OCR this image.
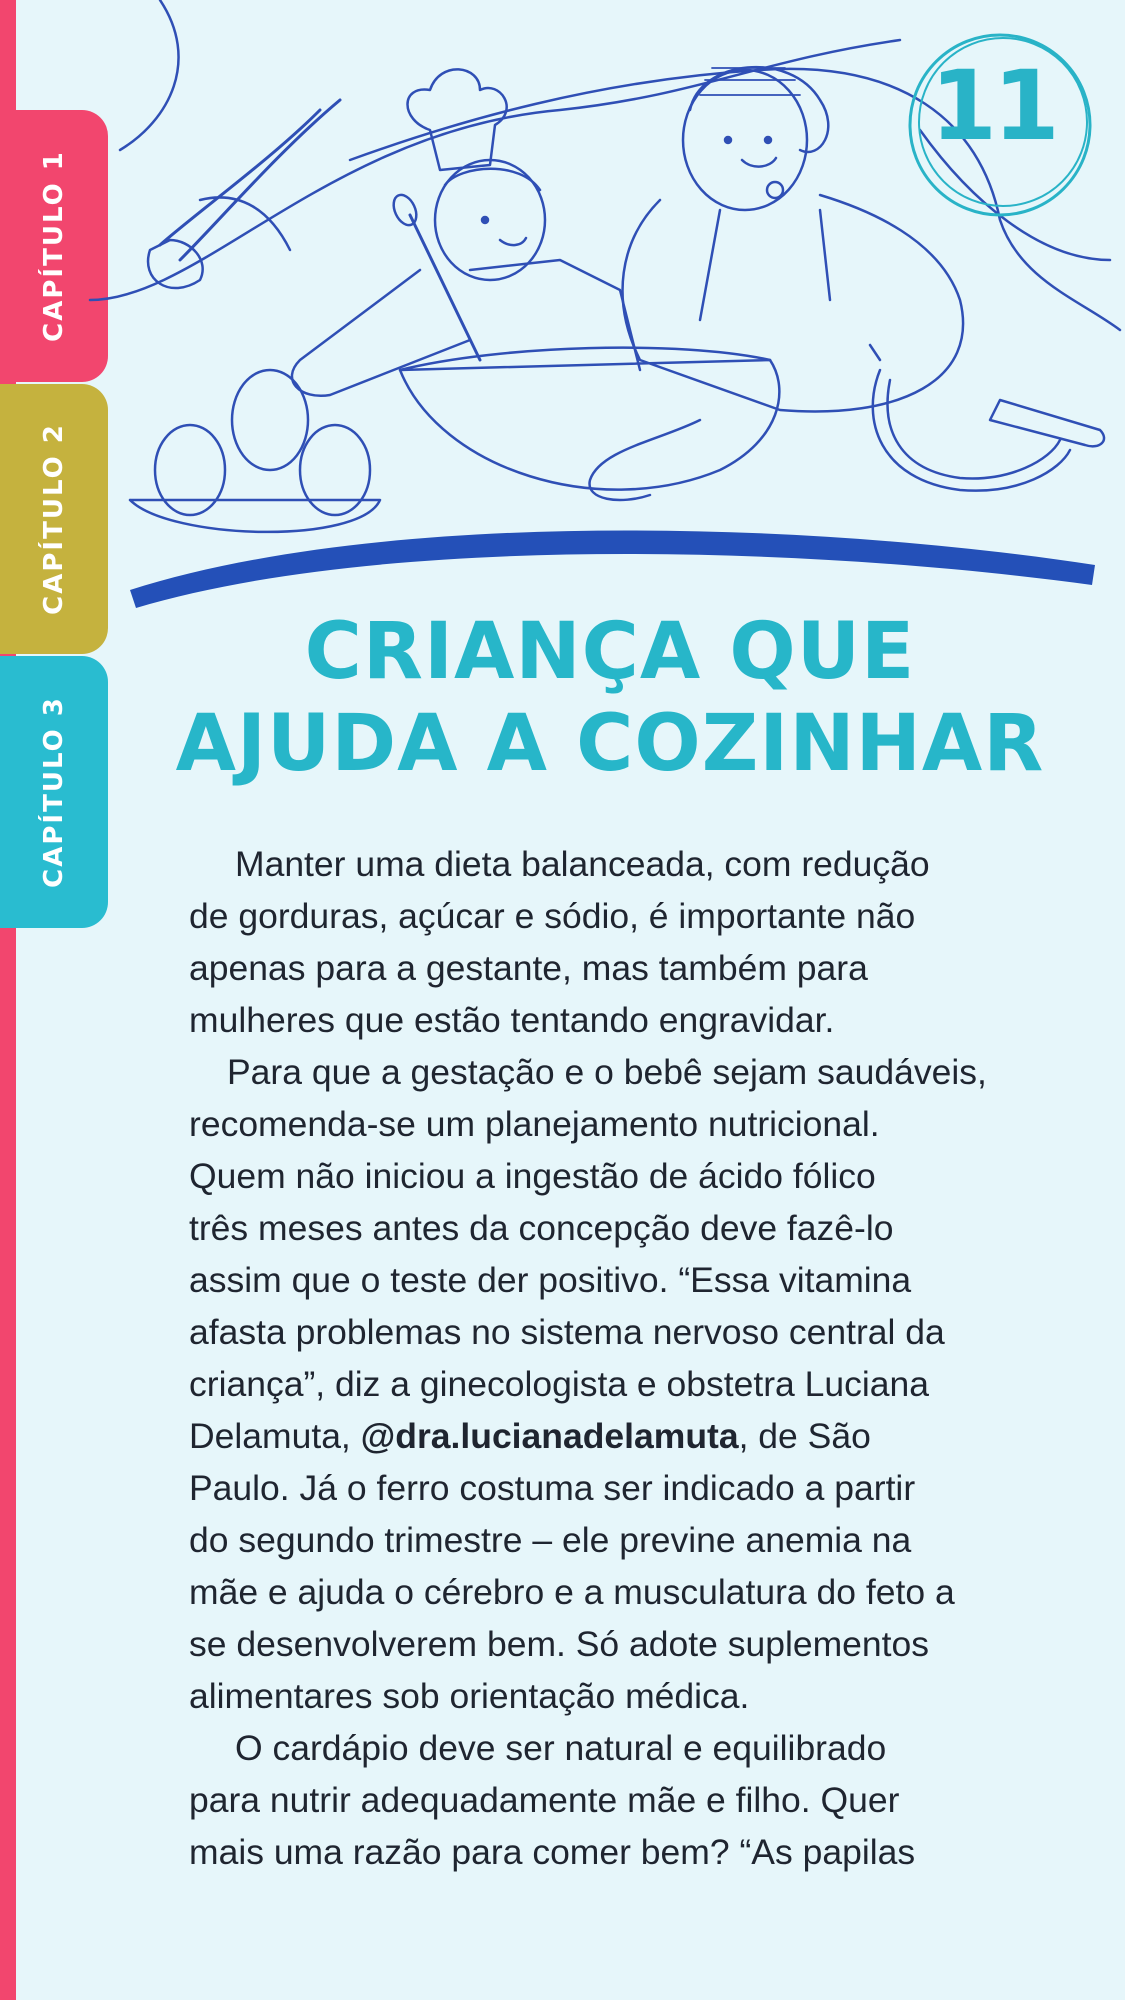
CAPÍTULO 1
CAPÍTULO 2
CAPÍTULO 3
11
CRIANÇA QUE
AJUDA A COZINHAR
Manter uma dieta balanceada, com redução
de gorduras, açúcar e sódio, é importante não
apenas para a gestante, mas também para
mulheres que estão tentando engravidar.
Para que a gestação e o bebê sejam saudáveis,
recomenda-se um planejamento nutricional.
Quem não iniciou a ingestão de ácido fólico
três meses antes da concepção deve fazê-lo
assim que o teste der positivo. “Essa vitamina
afasta problemas no sistema nervoso central da
criança”, diz a ginecologista e obstetra Luciana
Delamuta, @dra.lucianadelamuta, de São
Paulo. Já o ferro costuma ser indicado a partir
do segundo trimestre – ele previne anemia na
mãe e ajuda o cérebro e a musculatura do feto a
se desenvolverem bem. Só adote suplementos
alimentares sob orientação médica.
O cardápio deve ser natural e equilibrado
para nutrir adequadamente mãe e filho. Quer
mais uma razão para comer bem? “As papilas
